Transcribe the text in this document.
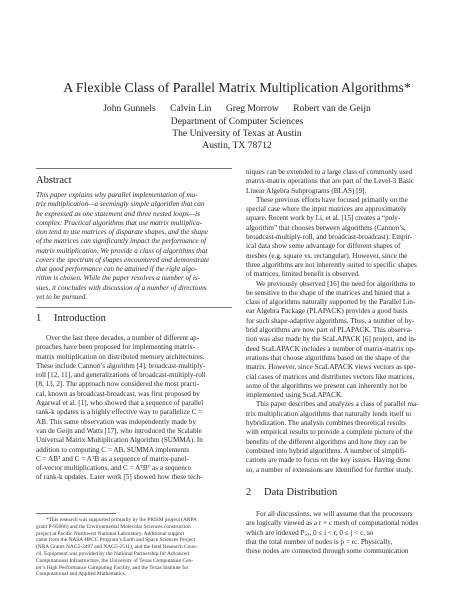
A Flexible Class of Parallel Matrix Multiplication Algorithms*
John Gunnels Calvin Lin Greg Morrow Robert van de Geijn
Department of Computer Sciences
The University of Texas at Austin
Austin, TX 78712
Abstract
This paper explains why parallel implementation of ma-
trix multiplication—a seemingly simple algorithm that can
be expressed as one statement and three nested loops—is
complex: Practical algorithms that use matrix multiplica-
tion tend to use matrices of disparate shapes, and the shape
of the matrices can significantly impact the performance of
matrix multiplication. We provide a class of algorithms that
covers the spectrum of shapes encountered and demonstrate
that good performance can be attained if the right algo-
rithm is chosen. While the paper resolves a number of is-
sues, it concludes with discussion of a number of directions
yet to be pursued.
1 Introduction
Over the last three decades, a number of different ap-
proaches have been proposed for implementing matrix-
matrix multiplication on distributed memory architectures.
These include Cannon’s algorithm [4], broadcast-multiply-
roll [12, 11], and generalizations of broadcast-multiply-roll
[8, 13, 2]. The approach now considered the most practi-
cal, known as broadcast-broadcast, was first proposed by
Agarwal et al. [1], who showed that a sequence of parallel
rank-k updates is a highly effective way to parallelize C =
AB. This same observation was independently made by
van de Geijn and Watts [17], who introduced the Scalable
Universal Matrix Multiplication Algorithm (SUMMA). In
addition to computing C = AB, SUMMA implements
C = ABᵀ and C = AᵀB as a sequence of matrix-panel-
of-vector multiplications, and C = AᵀBᵀ as a sequence
of rank-k updates. Later work [5] showed how these tech-
*This research was supported primarily by the PRISM project (ARPA
grant P-95006) and the Environmental Molecular Sciences construction
project at Pacific Northwest National Laboratory. Additional support
came from the NASA HPCC Program’s Earth and Space Sciences Project
(NRA Grants NAG5-2497 and NAG5-2511), and the Intel Research Coun-
cil. Equipment was provided by the National Partnership for Advanced
Computational Infrastructure, the University of Texas Computation Cen-
ter’s High Performance Computing Facility, and the Texas Institute for
Computational and Applied Mathematics.
niques can be extended to a large class of commonly used
matrix-matrix operations that are part of the Level-3 Basic
Linear Algebra Subprograms (BLAS) [9].
These previous efforts have focused primarily on the
special case where the input matrices are approximately
square. Recent work by Li, et al. [15] creates a “poly-
algorithm” that chooses between algorithms (Cannon’s,
broadcast-multiply-roll, and broadcast-broadcast). Empir-
ical data show some advantage for different shapes of
meshes (e.g. square vs. rectangular). However, since the
three algorithms are not inherently suited to specific shapes
of matrices, limited benefit is observed.
We previously observed [16] the need for algorithms to
be sensitive to the shape of the matrices and hinted that a
class of algorithms naturally supported by the Parallel Lin-
ear Algebra Package (PLAPACK) provides a good basis
for such shape-adaptive algorithms. Thus, a number of hy-
brid algorithms are now part of PLAPACK. This observa-
tion was also made by the ScaLAPACK [6] project, and in-
deed ScaLAPACK includes a number of matrix-matrix op-
erations that choose algorithms based on the shape of the
matrix. However, since ScaLAPACK views vectors as spe-
cial cases of matrices and distributes vectors like matrices,
some of the algorithms we present can inherently not be
implemented using ScaLAPACK.
This paper describes and analyzes a class of parallel ma-
trix multiplication algorithms that naturally lends itself to
hybridization. The analysis combines theoretical results
with empirical results to provide a complete picture of the
benefits of the different algorithms and how they can be
combined into hybrid algorithms. A number of simplifi-
cations are made to focus on the key issues. Having done
so, a number of extensions are identified for further study.
2 Data Distribution
For all discussions, we will assume that the processors
are logically viewed as a r × c mesh of computational nodes
which are indexed Pᵢ,ⱼ, 0 ≤ i < r, 0 ≤ j < c, so
that the total number of nodes is p = rc. Physically,
these nodes are connected through some communication
